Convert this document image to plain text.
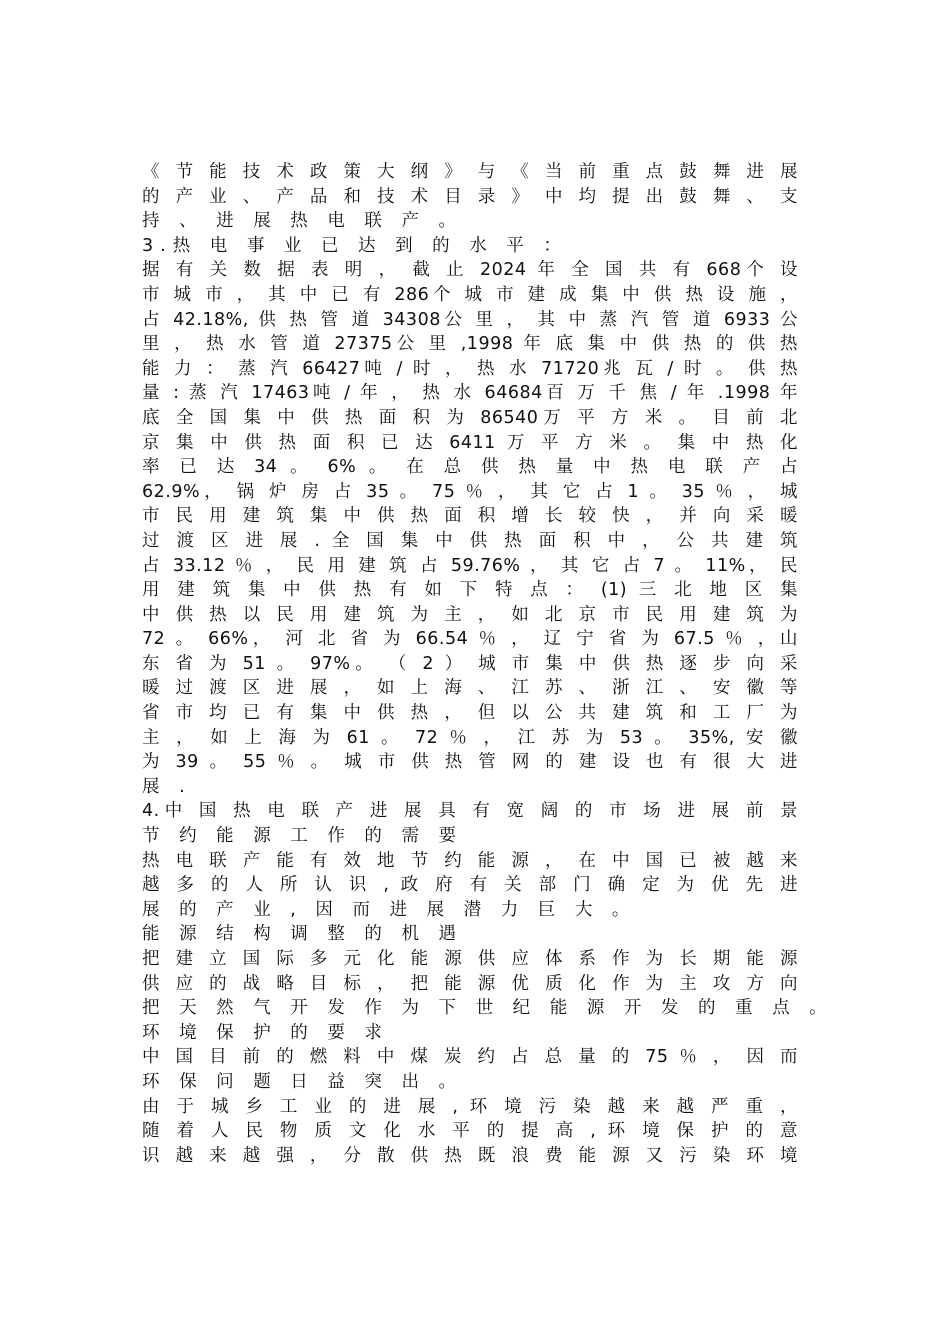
《 节 能 技 术 政 策 大 纲 》 与 《 当 前 重 点 鼓 舞 进 展
的 产 业 、 产 品 和 技 术 目 录 》 中 均 提 出 鼓 舞 、 支
持 、 进 展 热 电 联 产 。
3.热 电 事 业 已 达 到 的 水 平 ：
据 有 关 数 据 表 明 ， 截 止 2024 年 全 国 共 有 668个 设
市 城 市 ， 其 中 已 有 286个 城 市 建 成 集 中 供 热 设 施 ，
占 42.18%, 供 热 管 道 34308公 里 ， 其 中 蒸 汽 管 道 6933 公
里 ， 热 水 管 道 27375公 里 ,1998 年 底 集 中 供 热 的 供 热
能 力 ： 蒸 汽 66427吨 / 时 ， 热 水 71720兆 瓦 / 时 。 供 热
量 : 蒸 汽 17463吨 / 年 ， 热 水 64684百 万 千 焦 / 年 .1998 年
底 全 国 集 中 供 热 面 积 为 86540万 平 方 米 。 目 前 北
京 集 中 供 热 面 积 已 达 6411 万 平 方 米 。 集 中 热 化
率 已 达 34 。 6% 。 在 总 供 热 量 中 热 电 联 产 占
62.9%， 锅 炉 房 占 35 。 75 ％ ， 其 它 占 1 。 35 ％ ， 城
市 民 用 建 筑 集 中 供 热 面 积 增 长 较 快 ， 并 向 采 暖
过 渡 区 进 展 . 全 国 集 中 供 热 面 积 中 ， 公 共 建 筑
占 33.12 ％ ， 民 用 建 筑 占 59.76% ， 其 它 占 7 。 11%， 民
用 建 筑 集 中 供 热 有 如 下 特 点 ： (1) 三 北 地 区 集
中 供 热 以 民 用 建 筑 为 主 ， 如 北 京 市 民 用 建 筑 为
72 。 66%， 河 北 省 为 66.54 ％ ， 辽 宁 省 为 67.5 ％ ，山
东 省 为 51 。 97%。 （ 2 ） 城 市 集 中 供 热 逐 步 向 采
暖 过 渡 区 进 展 ， 如 上 海 、 江 苏 、 浙 江 、 安 徽 等
省 市 均 已 有 集 中 供 热 ， 但 以 公 共 建 筑 和 工 厂 为
主 ， 如 上 海 为 61 。 72 ％ ， 江 苏 为 53 。 35%, 安 徽
为 39 。 55 ％ 。 城 市 供 热 管 网 的 建 设 也 有 很 大 进
展 .
4.中 国 热 电 联 产 进 展 具 有 宽 阔 的 市 场 进 展 前 景
节 约 能 源 工 作 的 需 要
热 电 联 产 能 有 效 地 节 约 能 源 ， 在 中 国 已 被 越 来
越 多 的 人 所 认 识 , 政 府 有 关 部 门 确 定 为 优 先 进
展 的 产 业 , 因 而 进 展 潜 力 巨 大 。
能 源 结 构 调 整 的 机 遇
把 建 立 国 际 多 元 化 能 源 供 应 体 系 作 为 长 期 能 源
供 应 的 战 略 目 标 ， 把 能 源 优 质 化 作 为 主 攻 方 向
把 天 然 气 开 发 作 为 下 世 纪 能 源 开 发 的 重 点 。
环 境 保 护 的 要 求
中 国 目 前 的 燃 料 中 煤 炭 约 占 总 量 的 75 ％ ， 因 而
环 保 问 题 日 益 突 出 。
由 于 城 乡 工 业 的 进 展 , 环 境 污 染 越 来 越 严 重 ，
随 着 人 民 物 质 文 化 水 平 的 提 高 , 环 境 保 护 的 意
识 越 来 越 强 ， 分 散 供 热 既 浪 费 能 源 又 污 染 环 境
